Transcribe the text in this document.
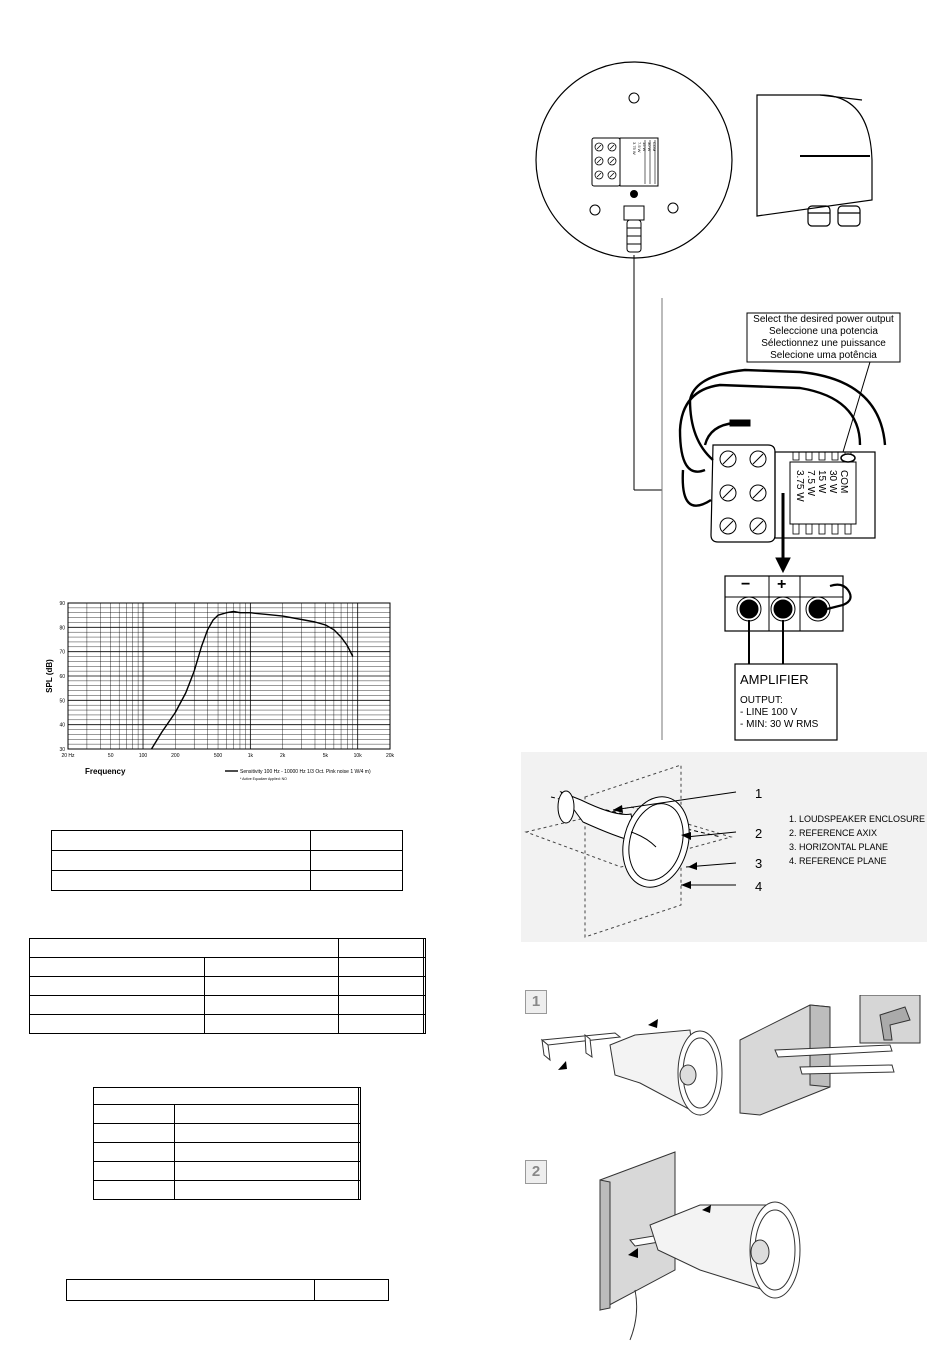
90
80
70
60
50
40
30
20 Hz	50	100	200	500	1k	2k	5k	10k	20k
SPL (dB)
Frequency	Sensitivity 100 Hz - 10000 Hz 1/3 Oct. Pink noise 1 W/4 m)
* Active Equalizer Applied: NO

COM
30 W
15 W
7.5 W
3.75 W
COM
30 W
15 W
7.5 W
3.75 W
Select the desired power output
Seleccione una potencia
Sélectionnez une puissance
Selecione uma potência
− +
AMPLIFIER
OUTPUT:
- LINE 100 V
- MIN: 30 W RMS
1
2
3
4
1. LOUDSPEAKER ENCLOSURE
2. REFERENCE AXIX
3. HORIZONTAL PLANE
4. REFERENCE PLANE
1
2
